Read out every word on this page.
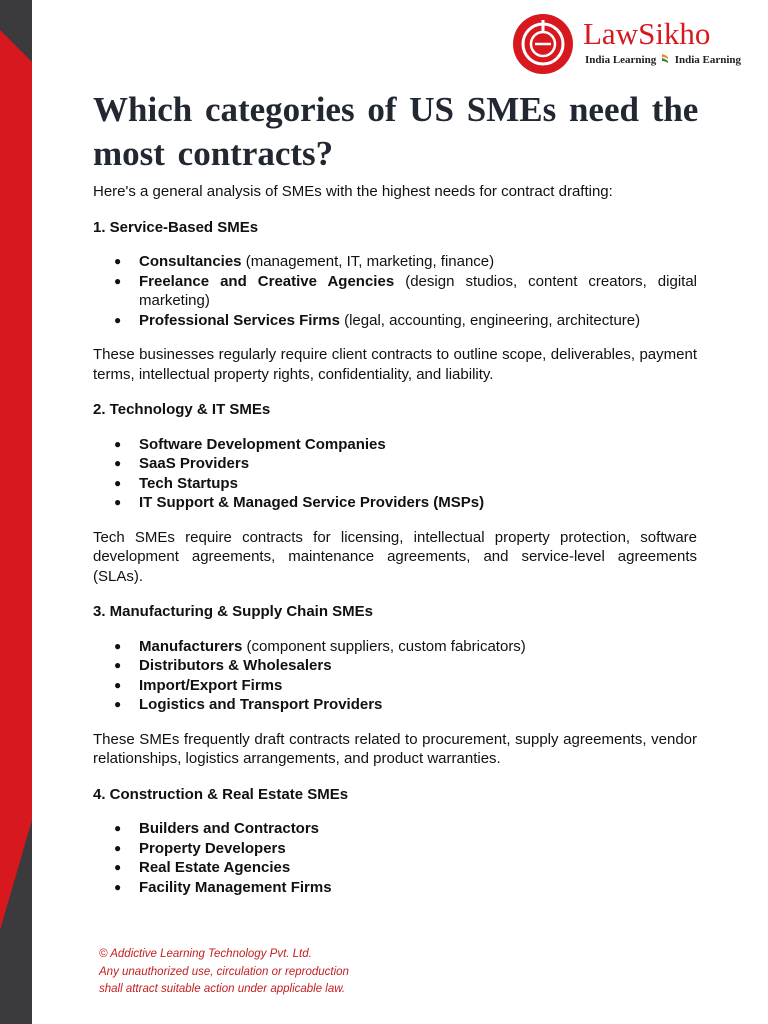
LawSikho
India Learning India Earning
Which categories of US SMEs need the most contracts?

Here's a general analysis of SMEs with the highest needs for contract drafting:

1. Service-Based SMEs

● Consultancies (management, IT, marketing, finance)
● Freelance and Creative Agencies (design studios, content creators, digital marketing)
● Professional Services Firms (legal, accounting, engineering, architecture)

These businesses regularly require client contracts to outline scope, deliverables, payment terms, intellectual property rights, confidentiality, and liability.

2. Technology & IT SMEs

● Software Development Companies
● SaaS Providers
● Tech Startups
● IT Support & Managed Service Providers (MSPs)

Tech SMEs require contracts for licensing, intellectual property protection, software development agreements, maintenance agreements, and service-level agreements (SLAs).

3. Manufacturing & Supply Chain SMEs

● Manufacturers (component suppliers, custom fabricators)
● Distributors & Wholesalers
● Import/Export Firms
● Logistics and Transport Providers

These SMEs frequently draft contracts related to procurement, supply agreements, vendor relationships, logistics arrangements, and product warranties.

4. Construction & Real Estate SMEs

● Builders and Contractors
● Property Developers
● Real Estate Agencies
● Facility Management Firms
© Addictive Learning Technology Pvt. Ltd.
Any unauthorized use, circulation or reproduction
shall attract suitable action under applicable law.
